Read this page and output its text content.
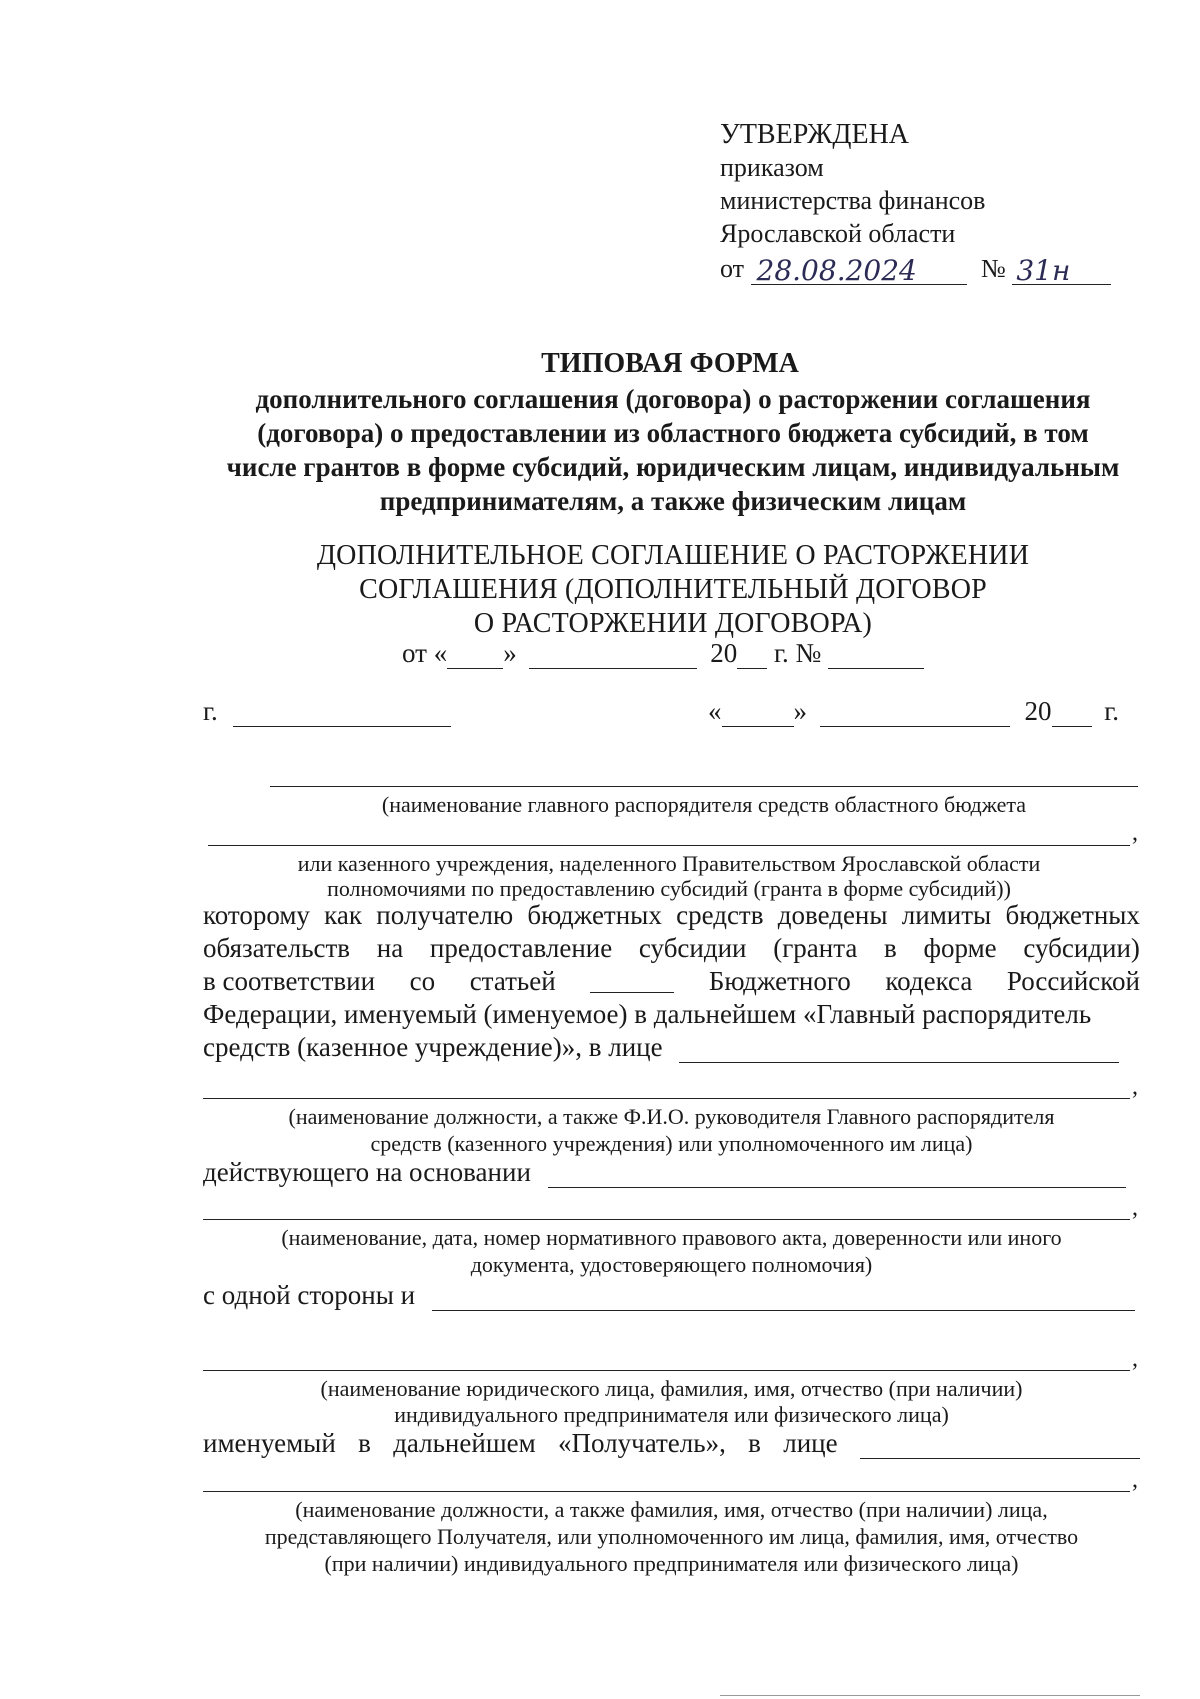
УТВЕРЖДЕНА
приказом
министерства финансов
Ярославской области
от 28.08.2024 № 31н
ТИПОВАЯ ФОРМА
дополнительного соглашения (договора) о расторжении соглашения
(договора) о предоставлении из областного бюджета субсидий, в том
числе грантов в форме субсидий, юридическим лицам, индивидуальным
предпринимателям, а также физическим лицам
ДОПОЛНИТЕЛЬНОЕ СОГЛАШЕНИЕ О РАСТОРЖЕНИИ
СОГЛАШЕНИЯ (ДОПОЛНИТЕЛЬНЫЙ ДОГОВОР
О РАСТОРЖЕНИИ ДОГОВОРА)
от « »	20 г. №
г.	«	»	20 г.
(наименование главного распорядителя средств областного бюджета
,
или казенного учреждения, наделенного Правительством Ярославской области
полномочиями по предоставлению субсидий (гранта в форме субсидий))
которому как получателю бюджетных средств доведены лимиты бюджетных
обязательств на предоставление субсидии (гранта в форме субсидии)
в соответствии со статьей	Бюджетного кодекса Российской
Федерации, именуемый (именуемое) в дальнейшем «Главный распорядитель
средств (казенное учреждение)», в лице
,
(наименование должности, а также Ф.И.О. руководителя Главного распорядителя
средств (казенного учреждения) или уполномоченного им лица)
действующего на основании
,
(наименование, дата, номер нормативного правового акта, доверенности или иного
документа, удостоверяющего полномочия)
с одной стороны и
,
(наименование юридического лица, фамилия, имя, отчество (при наличии)
индивидуального предпринимателя или физического лица)
именуемый в дальнейшем «Получатель», в лице
,
(наименование должности, а также фамилия, имя, отчество (при наличии) лица,
представляющего Получателя, или уполномоченного им лица, фамилия, имя, отчество
(при наличии) индивидуального предпринимателя или физического лица)
